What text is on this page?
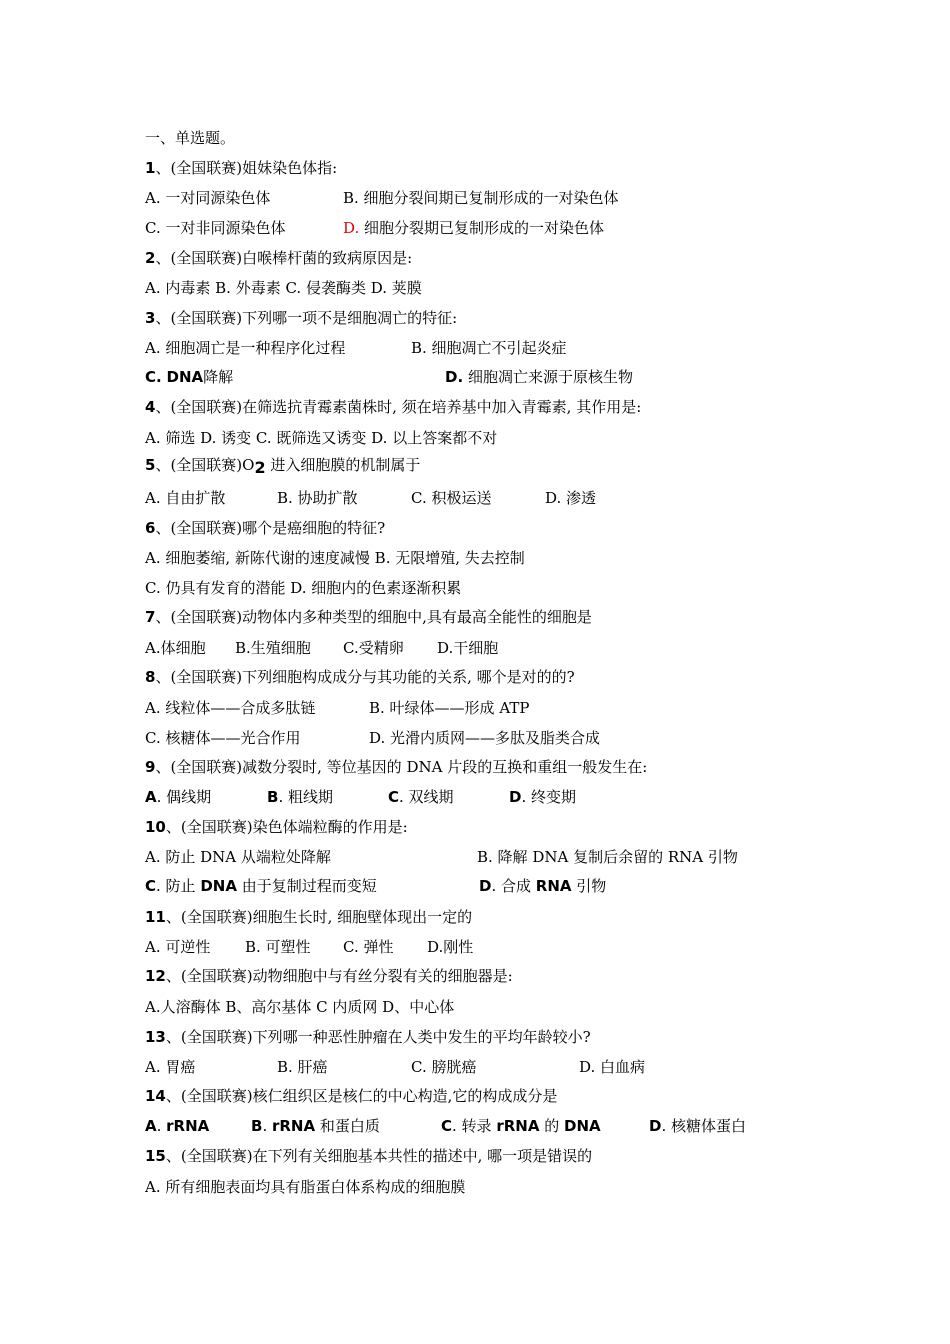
一、单选题。
1、(全国联赛)姐妹染色体指:
A. 一对同源染色体	B. 细胞分裂间期已复制形成的一对染色体
C. 一对非同源染色体	D. 细胞分裂期已复制形成的一对染色体
2、(全国联赛)白喉棒杆菌的致病原因是:
A. 内毒素 B. 外毒素 C. 侵袭酶类 D. 荚膜
3、(全国联赛)下列哪一项不是细胞凋亡的特征:
A. 细胞凋亡是一种程序化过程	B. 细胞凋亡不引起炎症
C. DNA降解	D. 细胞凋亡来源于原核生物
4、(全国联赛)在筛选抗青霉素菌株时, 须在培养基中加入青霉素, 其作用是:
A. 筛选 D. 诱变 C. 既筛选又诱变 D. 以上答案都不对
5、(全国联赛)O2 进入细胞膜的机制属于
A. 自由扩散	B. 协助扩散	C. 积极运送	D. 渗透
6、(全国联赛)哪个是癌细胞的特征?
A. 细胞萎缩, 新陈代谢的速度减慢 B. 无限增殖, 失去控制
C. 仍具有发育的潜能 D. 细胞内的色素逐渐积累
7、(全国联赛)动物体内多种类型的细胞中,具有最高全能性的细胞是
A.体细胞 B.生殖细胞 C.受精卵 D.干细胞
8、(全国联赛)下列细胞构成成分与其功能的关系, 哪个是对的的?
A. 线粒体——合成多肽链	B. 叶绿体——形成 ATP
C. 核糖体——光合作用	D. 光滑内质网——多肽及脂类合成
9、(全国联赛)减数分裂时, 等位基因的 DNA 片段的互换和重组一般发生在:
A. 偶线期	B. 粗线期	C. 双线期	D. 终变期
10、(全国联赛)染色体端粒酶的作用是:
A. 防止 DNA 从端粒处降解	B. 降解 DNA 复制后余留的 RNA 引物
C. 防止 DNA 由于复制过程而变短	D. 合成 RNA 引物
11、(全国联赛)细胞生长时, 细胞壁体现出一定的
A. 可逆性 B. 可塑性 C. 弹性 D.刚性
12、(全国联赛)动物细胞中与有丝分裂有关的细胞器是:
A.人溶酶体 B、高尔基体 C 内质网 D、中心体
13、(全国联赛)下列哪一种恶性肿瘤在人类中发生的平均年龄较小?
A. 胃癌	B. 肝癌	C. 膀胱癌	D. 白血病
14、(全国联赛)核仁组织区是核仁的中心构造,它的构成成分是
A. rRNA	B. rRNA 和蛋白质	C. 转录 rRNA 的 DNA	D. 核糖体蛋白
15、(全国联赛)在下列有关细胞基本共性的描述中, 哪一项是错误的
A. 所有细胞表面均具有脂蛋白体系构成的细胞膜
